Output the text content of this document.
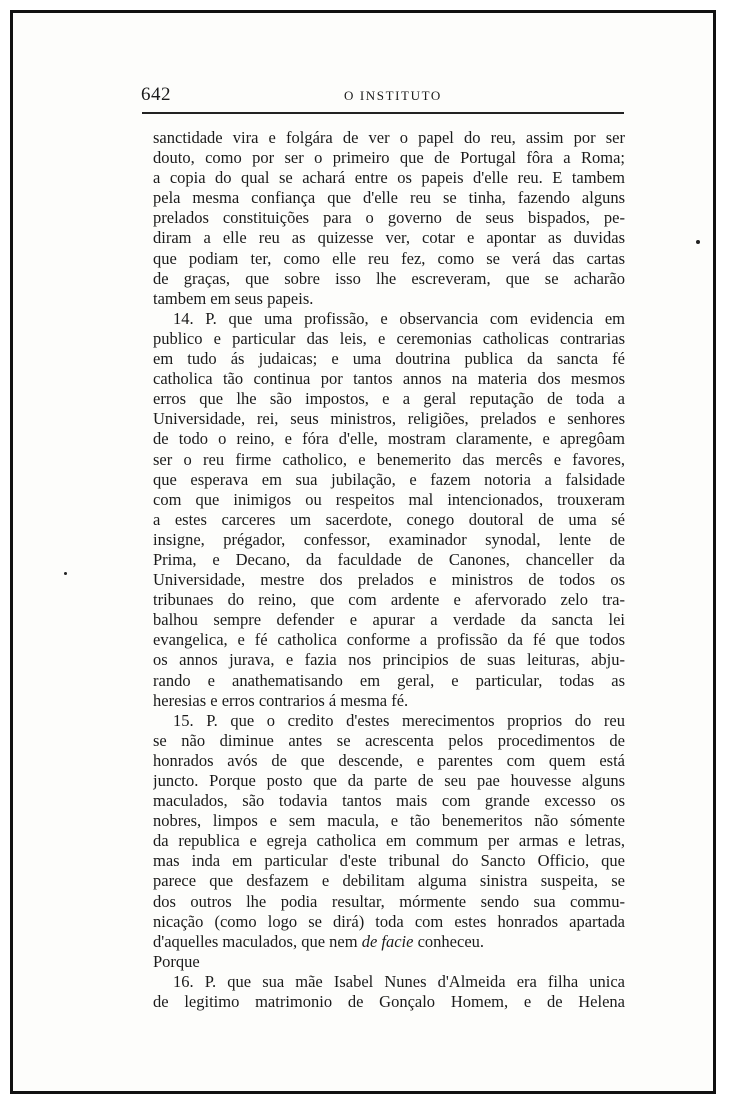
642	O INSTITUTO
sanctidade vira e folgára de ver o papel do reu, assim por ser
douto, como por ser o primeiro que de Portugal fôra a Roma;
a copia do qual se achará entre os papeis d'elle reu. E tambem
pela mesma confiança que d'elle reu se tinha, fazendo alguns
prelados constituições para o governo de seus bispados, pe-
diram a elle reu as quizesse ver, cotar e apontar as duvidas
que podiam ter, como elle reu fez, como se verá das cartas
de graças, que sobre isso lhe escreveram, que se acharão
tambem em seus papeis.
14. P. que uma profissão, e observancia com evidencia em
publico e particular das leis, e ceremonias catholicas contrarias
em tudo ás judaicas; e uma doutrina publica da sancta fé
catholica tão continua por tantos annos na materia dos mesmos
erros que lhe são impostos, e a geral reputação de toda a
Universidade, rei, seus ministros, religiões, prelados e senhores
de todo o reino, e fóra d'elle, mostram claramente, e apregôam
ser o reu firme catholico, e benemerito das mercês e favores,
que esperava em sua jubilação, e fazem notoria a falsidade
com que inimigos ou respeitos mal intencionados, trouxeram
a estes carceres um sacerdote, conego doutoral de uma sé
insigne, prégador, confessor, examinador synodal, lente de
Prima, e Decano, da faculdade de Canones, chanceller da
Universidade, mestre dos prelados e ministros de todos os
tribunaes do reino, que com ardente e afervorado zelo tra-
balhou sempre defender e apurar a verdade da sancta lei
evangelica, e fé catholica conforme a profissão da fé que todos
os annos jurava, e fazia nos principios de suas leituras, abju-
rando e anathematisando em geral, e particular, todas as
heresias e erros contrarios á mesma fé.
15. P. que o credito d'estes merecimentos proprios do reu
se não diminue antes se acrescenta pelos procedimentos de
honrados avós de que descende, e parentes com quem está
juncto. Porque posto que da parte de seu pae houvesse alguns
maculados, são todavia tantos mais com grande excesso os
nobres, limpos e sem macula, e tão benemeritos não sómente
da republica e egreja catholica em commum per armas e letras,
mas inda em particular d'este tribunal do Sancto Officio, que
parece que desfazem e debilitam alguma sinistra suspeita, se
dos outros lhe podia resultar, mórmente sendo sua commu-
nicação (como logo se dirá) toda com estes honrados apartada
d'aquelles maculados, que nem de facie conheceu.
Porque
16. P. que sua mãe Isabel Nunes d'Almeida era filha unica
de legitimo matrimonio de Gonçalo Homem, e de Helena
